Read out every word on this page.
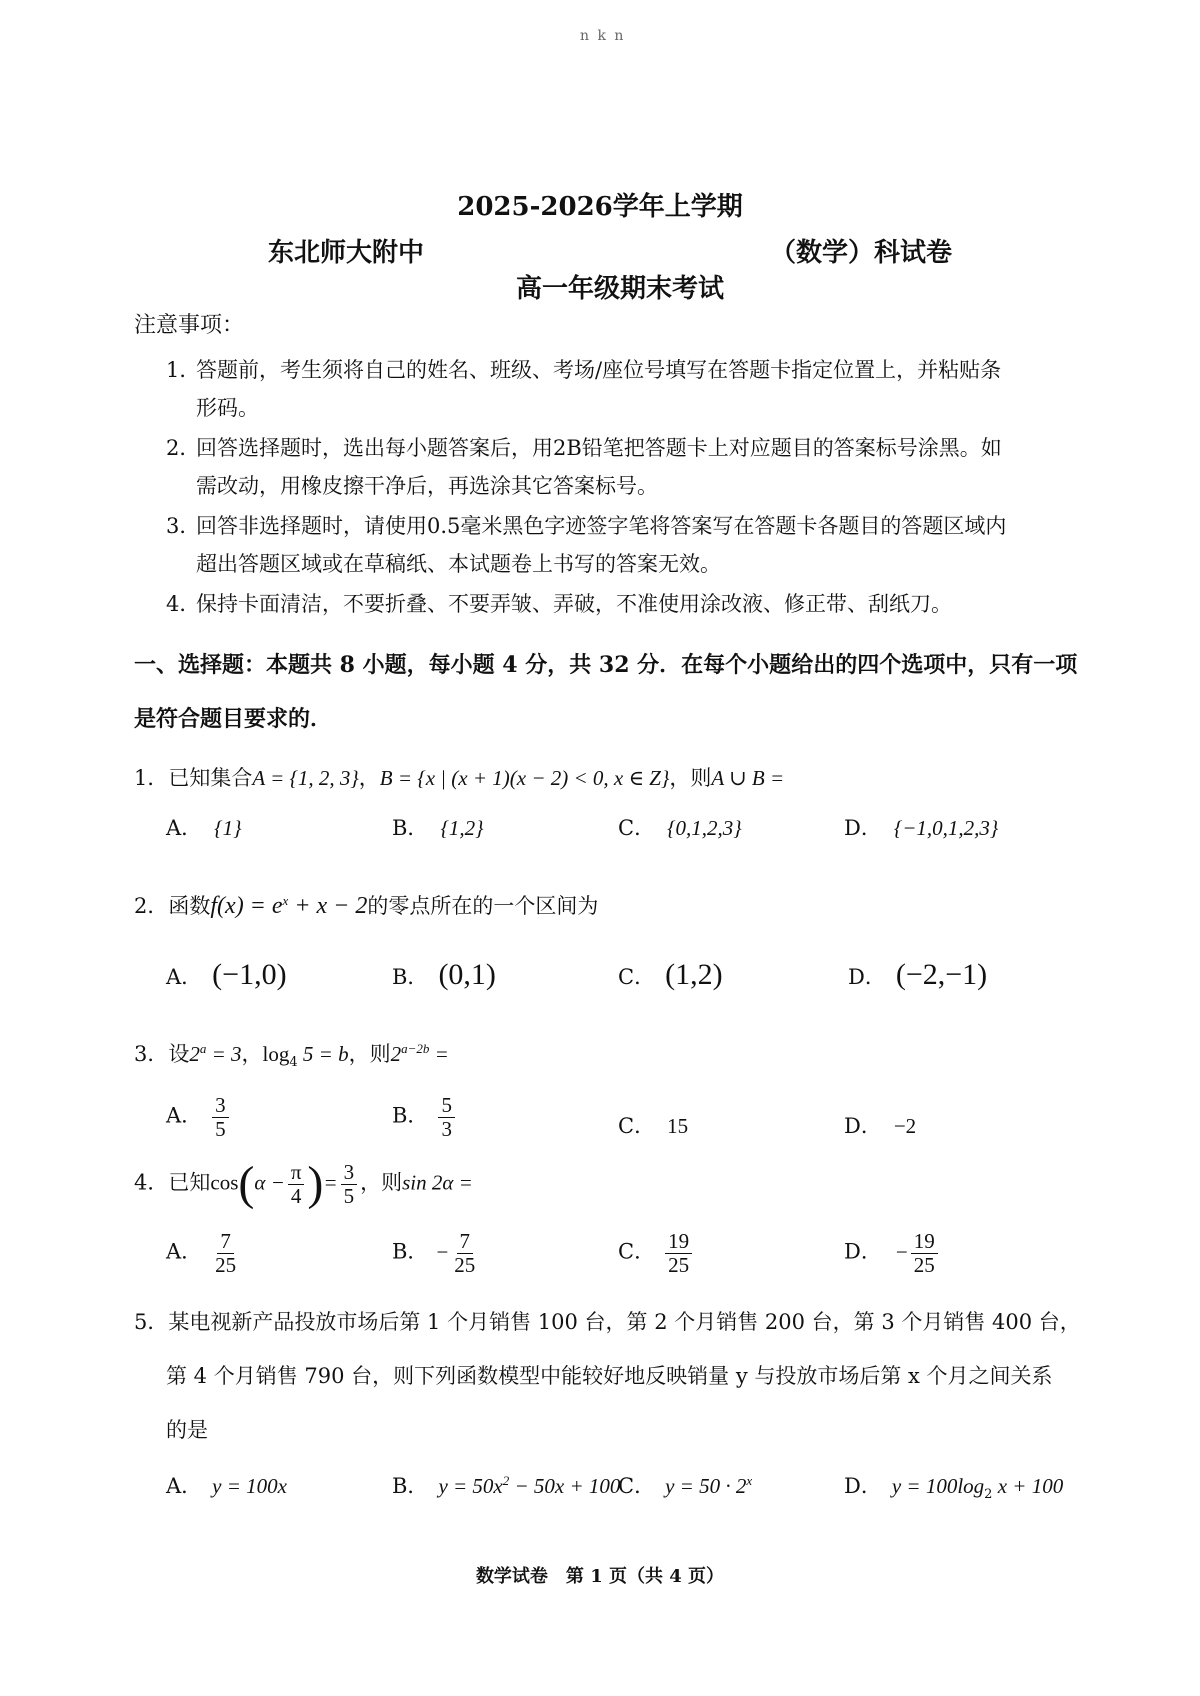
n k n
2025-2026学年上学期
东北师大附中	（数学）科试卷
高一年级期末考试
注意事项：
1．
答题前，考生须将自己的姓名、班级、考场/座位号填写在答题卡指定位置上，并粘贴条
形码。
2．
回答选择题时，选出每小题答案后，用2B铅笔把答题卡上对应题目的答案标号涂黑。如
需改动，用橡皮擦干净后，再选涂其它答案标号。
3．
回答非选择题时，请使用0.5毫米黑色字迹签字笔将答案写在答题卡各题目的答题区域内
超出答题区域或在草稿纸、本试题卷上书写的答案无效。
4．
保持卡面清洁，不要折叠、不要弄皱、弄破，不准使用涂改液、修正带、刮纸刀。
一、选择题：本题共 8 小题，每小题 4 分，共 32 分．在每个小题给出的四个选项中，只有一项
是符合题目要求的．
1．已知集合A = {1, 2, 3}，B = {x | (x + 1)(x − 2) < 0, x ∈ Z}，则A ∪ B =
A． {1}	B． {1,2}	C． {0,1,2,3}	D． {−1,0,1,2,3}
2．函数$f(x) = e^x + x - 2$的零点所在的一个区间为
A． (−1,0)	B． (0,1)	C． (1,2)	D． (−2,−1)
3．设$2^a = 3$，$\log_4 5 = b$，则$2^{a-2b}$ =
A． $\frac{3}{5}$	B． $\frac{5}{3}$	C． 15	D． −2
4．已知$\cos(\alpha - \frac{\pi}{4}$ )= $\frac{3}{5}$ ，则sin 2α =
A． $\frac{7}{25}$	B． − $\frac{7}{25}$	C． $\frac{19}{25}$	D． − $\frac{19}{25}$
5．某电视新产品投放市场后第 1 个月销售 100 台，第 2 个月销售 200 台，第 3 个月销售 400 台，
第 4 个月销售 790 台，则下列函数模型中能较好地反映销量 y 与投放市场后第 x 个月之间关系
的是
A． y = 100x	B． $y = 50x^2 - 50x + 100$
C． $y = 50 \cdot 2^x$	D． $y = 100\log_2$ x + 100
数学试卷　第 1 页（共 4 页）
